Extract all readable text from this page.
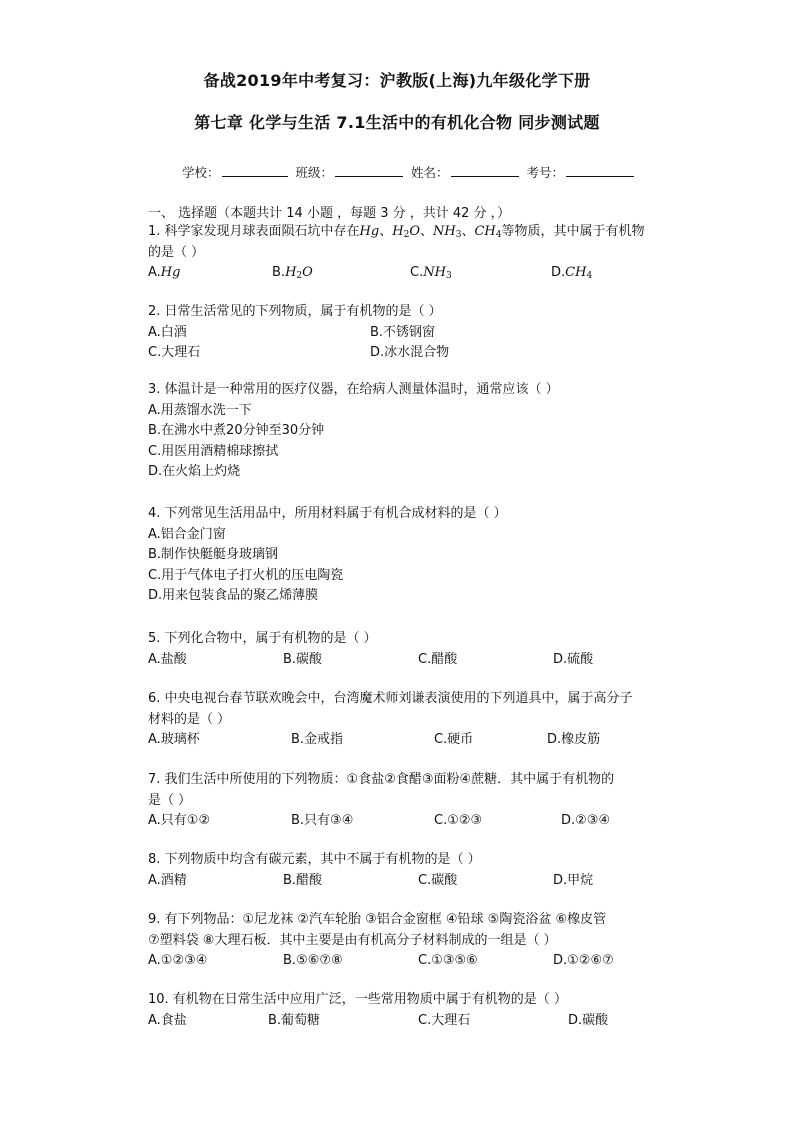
备战2019年中考复习：沪教版(上海)九年级化学下册
第七章 化学与生活 7.1生活中的有机化合物 同步测试题
学校：	班级：	姓名：	考号：
一、 选择题（本题共计 14 小题 ，每题 3 分 ，共计 42 分 ，）
1. 科学家发现月球表面陨石坑中存在Hg、$H_2O$、$NH_3$、$CH_4$等物质，其中属于有机物
的是（ ）
A.Hg	$B.H_2O$	$C.NH_3$	$D.CH_4$
2. 日常生活常见的下列物质，属于有机物的是（ ）
A.白酒	B.不锈钢窗
C.大理石	D.冰水混合物
3. 体温计是一种常用的医疗仪器，在给病人测量体温时，通常应该（ ）
A.用蒸馏水洗一下
B.在沸水中煮20分钟至30分钟
C.用医用酒精棉球擦拭
D.在火焰上灼烧
4. 下列常见生活用品中，所用材料属于有机合成材料的是（ ）
A.铝合金门窗
B.制作快艇艇身玻璃钢
C.用于气体电子打火机的压电陶瓷
D.用来包装食品的聚乙烯薄膜
5. 下列化合物中，属于有机物的是（ ）
A.盐酸	B.碳酸	C.醋酸	D.硫酸
6. 中央电视台春节联欢晚会中，台湾魔术师刘谦表演使用的下列道具中，属于高分子
材料的是（ ）
A.玻璃杯	B.金戒指	C.硬币	D.橡皮筋
7. 我们生活中所使用的下列物质：①食盐②食醋③面粉④蔗糖．其中属于有机物的
是（ ）
A.只有①②	B.只有③④	C.①②③	D.②③④
8. 下列物质中均含有碳元素，其中不属于有机物的是（ ）
A.酒精	B.醋酸	C.碳酸	D.甲烷
9. 有下列物品：①尼龙袜 ②汽车轮胎 ③铝合金窗框 ④铅球 ⑤陶瓷浴盆 ⑥橡皮管
⑦塑料袋 ⑧大理石板．其中主要是由有机高分子材料制成的一组是（ ）
A.①②③④	B.⑤⑥⑦⑧	C.①③⑤⑥	D.①②⑥⑦
10. 有机物在日常生活中应用广泛，一些常用物质中属于有机物的是（ ）
A.食盐	B.葡萄糖	C.大理石	D.碳酸
